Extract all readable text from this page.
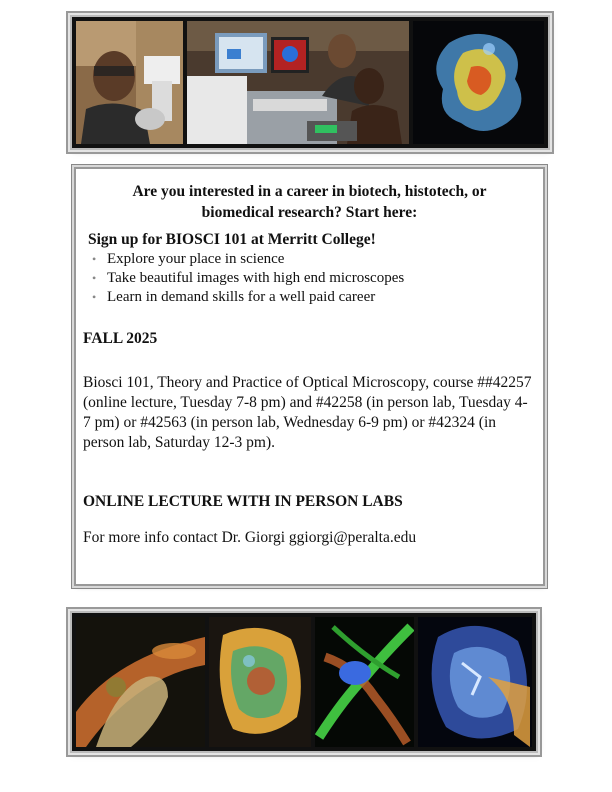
Are you interested in a career in biotech, histotech, or
biomedical research? Start here:
Sign up for BIOSCI 101 at Merritt College!
• Explore your place in science
• Take beautiful images with high end microscopes
• Learn in demand skills for a well paid career
FALL 2025

Biosci 101, Theory and Practice of Optical Microscopy, course ##42257 (online lecture, Tuesday 7-8 pm) and #42258 (in person lab, Tuesday 4-7 pm) or #42563 (in person lab, Wednesday 6-9 pm) or #42324 (in person lab, Saturday 12-3 pm).

ONLINE LECTURE WITH IN PERSON LABS
For more info contact Dr. Giorgi ggiorgi@peralta.edu
